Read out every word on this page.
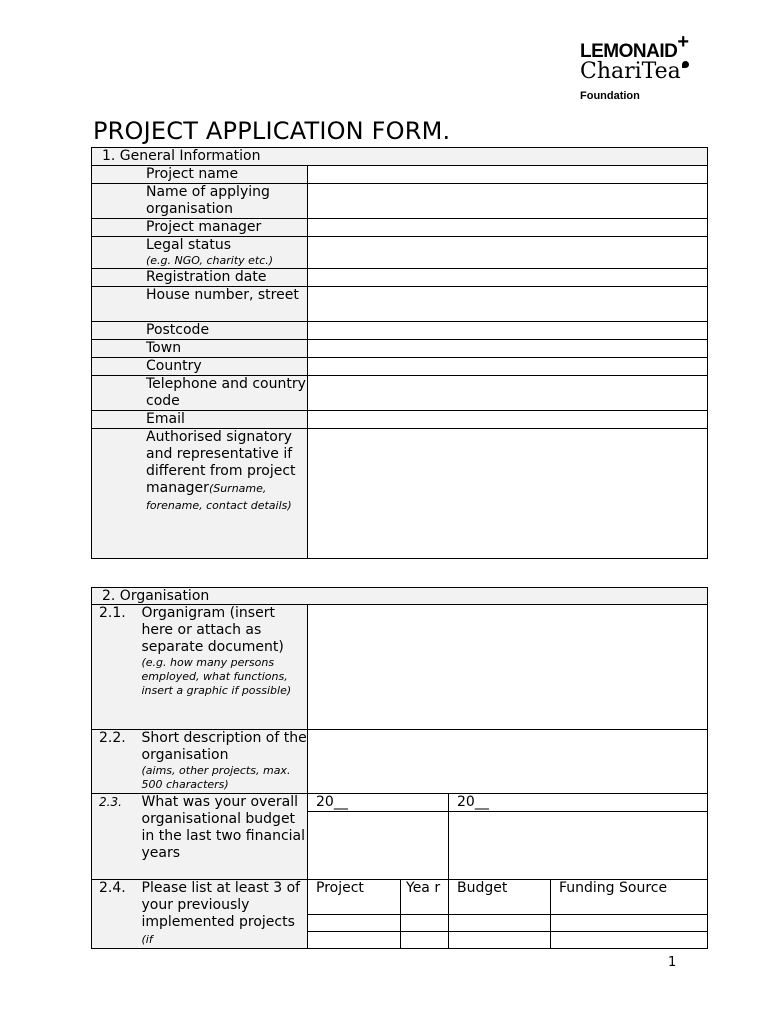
LEMONAID+
ChariTea
Foundation
PROJECT APPLICATION FORM.
1. General Information	
Project name	
Name of applying organisation	
Project manager	

Legal status
(e.g. NGO, charity etc.)	

Registration date	
House number, street	
Postcode	
Town	
Country	
Telephone and country code	
Email	
Authorised signatory and representative if different from project manager(Surname, forename, contact details)	
2. Organisation					
2.1.	Organigram (insert here or attach as separate document)
(e.g. how many persons employed, what functions, insert a graphic if possible)				

2.2.	Short description of the organisation
(aims, other projects, max. 500 characters)				

2.3.	What was your overall organisational budget in the last two financial years	20__		20__	

2.4.	Please list at least 3 of your previously implemented projects (if	Project	Yea r	Budget	Funding Source

1
